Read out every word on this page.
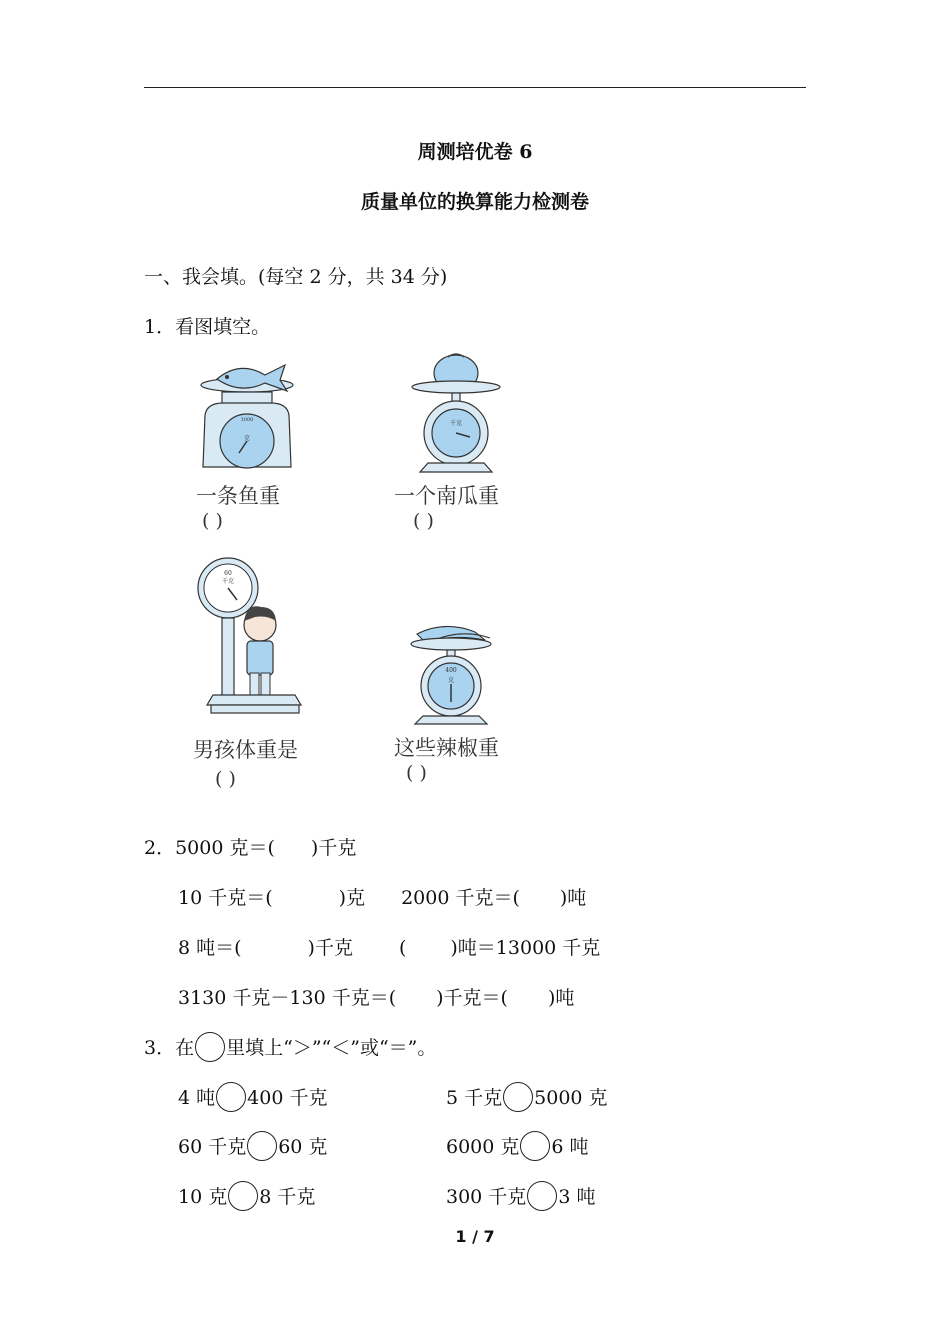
周测培优卷 6
质量单位的换算能力检测卷
一、我会填。(每空 2 分，共 34 分)
1．看图填空。
1000
克
一条鱼重
( )
千克
一个南瓜重
( )
60
千克
男孩体重是
( )
400
克
这些辣椒重
( )
2．5000 克＝( )千克
10 千克＝(	)克 2000 千克＝( )吨
8 吨＝(	)千克 ( )吨＝13000 千克
3130 千克－130 千克＝( )千克＝( )吨
3．在 里填上“＞”“＜”或“＝”。
4 吨 400 千克	5 千克 5000 克
60 千克 60 克	6000 克 6 吨
10 克 8 千克	300 千克 3 吨
1 / 7
